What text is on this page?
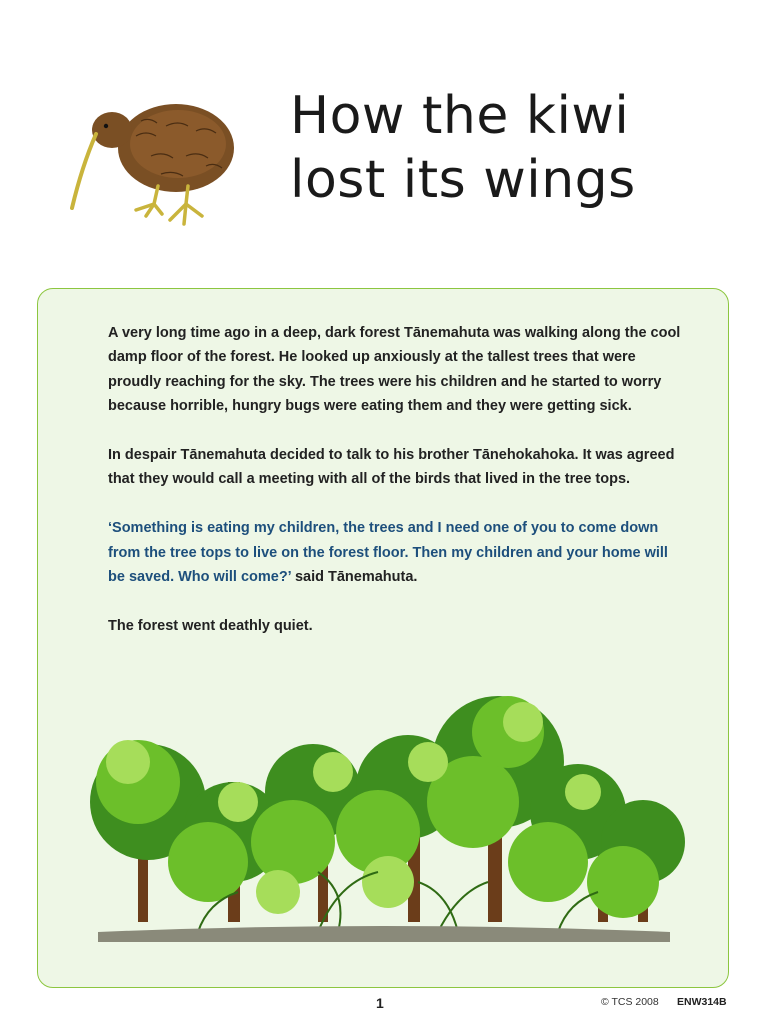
How the kiwi
lost its wings

A very long time ago in a deep, dark forest Tānemahuta was walking along the cool damp floor of the forest. He looked up anxiously at the tallest trees that were proudly reaching for the sky. The trees were his children and he started to worry because horrible, hungry bugs were eating them and they were getting sick.

In despair Tānemahuta decided to talk to his brother Tānehokahoka. It was agreed that they would call a meeting with all of the birds that lived in the tree tops.

‘Something is eating my children, the trees and I need one of you to come down from the tree tops to live on the forest floor. Then my children and your home will be saved. Who will come?’ said Tānemahuta.

The forest went deathly quiet.

1	© TCS 2008 ENW314B
